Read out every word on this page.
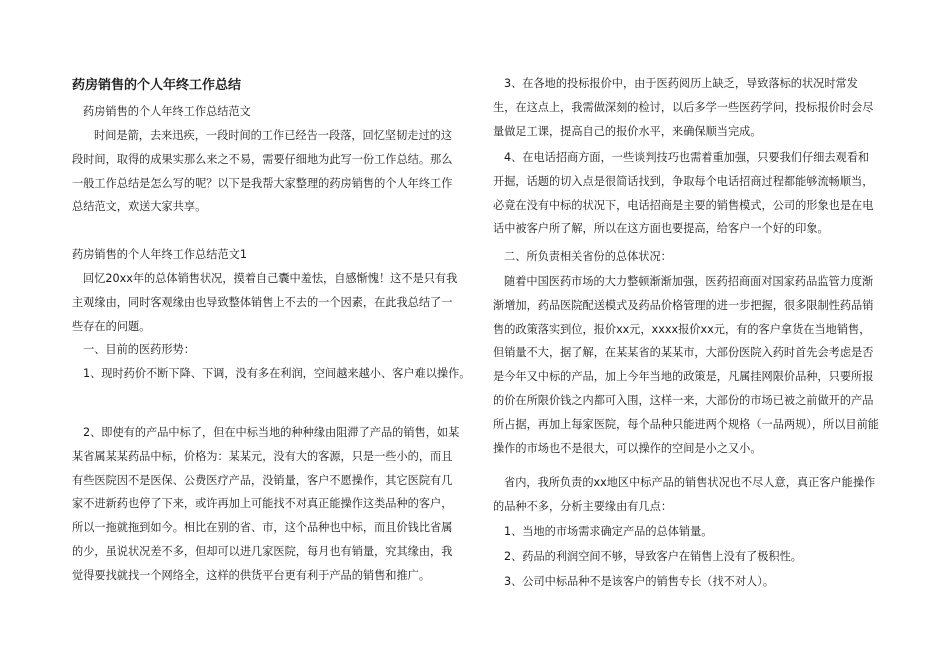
药房销售的个人年终工作总结

药房销售的个人年终工作总结范文

时间是箭，去来迅疾，一段时间的工作已经告一段落，回忆坚韧走过的这段时间，取得的成果实那么来之不易，需要仔细地为此写一份工作总结。那么一般工作总结是怎么写的呢？以下是我帮大家整理的药房销售的个人年终工作总结范文，欢送大家共享。

药房销售的个人年终工作总结范文1

回忆20xx年的总体销售状况，摸着自己囊中羞怯，自感惭愧！这不是只有我主观缘由，同时客观缘由也导致整体销售上不去的一个因素，在此我总结了一些存在的问题。

一、目前的医药形势：

1、现时药价不断下降、下调，没有多在利润，空间越来越小、客户难以操作。

2、即使有的产品中标了，但在中标当地的种种缘由阻滞了产品的销售，如某某省属某某药品中标，价格为：某某元，没有大的客源，只是一些小的，而且有些医院因不是医保、公费医疗产品，没销量，客户不愿操作，其它医院有几家不进新药也停了下来，或许再加上可能找不对真正能操作这类品种的客户，所以一拖就拖到如今。相比在别的省、市，这个品种也中标，而且价钱比省属的少，虽说状况差不多，但却可以进几家医院，每月也有销量，究其缘由，我觉得要找就找一个网络全，这样的供货平台更有利于产品的销售和推广。

3、在各地的投标报价中，由于医药阅历上缺乏，导致落标的状况时常发生，在这点上，我需做深刻的检讨，以后多学一些医药学问，投标报价时会尽量做足工课，提高自己的报价水平，来确保顺当完成。

4、在电话招商方面，一些谈判技巧也需着重加强，只要我们仔细去观看和开掘，话题的切入点是很简话找到，争取每个电话招商过程都能够流畅顺当，必竟在没有中标的状况下，电话招商是主要的销售模式，公司的形象也是在电话中被客户所了解，所以在这方面也要提高，给客户一个好的印象。

二、所负责相关省份的总体状况：

随着中国医药市场的大力整顿渐渐加强，医药招商面对国家药品监管力度渐渐增加，药品医院配送模式及药品价格管理的进一步把握，很多限制性药品销售的政策落实到位，报价xx元，xxxx报价xx元，有的客户拿货在当地销售，但销量不大，据了解，在某某省的某某市，大部份医院入药时首先会考虑是否是今年又中标的产品，加上今年当地的政策是，凡属挂网限价品种，只要所报的价在所限价钱之内都可入围，这样一来，大部份的市场已被之前做开的产品所占据，再加上每家医院，每个品种只能进两个规格（一品两规），所以目前能操作的市场也不是很大，可以操作的空间是小之又小。

省内，我所负责的xx地区中标产品的销售状况也不尽人意，真正客户能操作的品种不多，分析主要缘由有几点：

1、当地的市场需求确定产品的总体销量。

2、药品的利润空间不够，导致客户在销售上没有了极积性。

3、公司中标品种不是该客户的销售专长（找不对人）。
